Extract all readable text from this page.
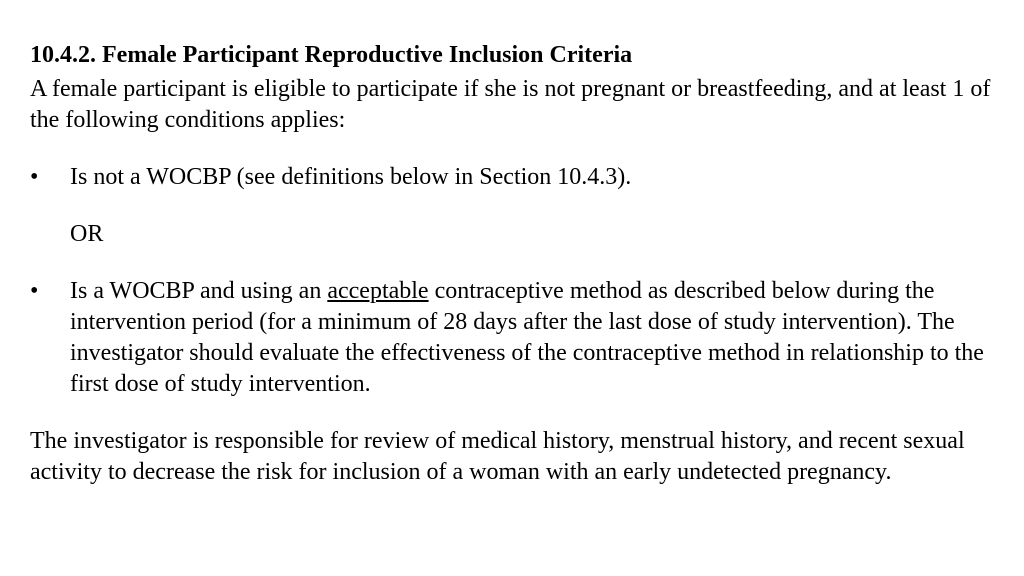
10.4.2. Female Participant Reproductive Inclusion Criteria

A female participant is eligible to participate if she is not pregnant or breastfeeding, and at least 1 of the following conditions applies:

•	Is not a WOCBP (see definitions below in Section 10.4.3).
OR
•	Is a WOCBP and using an acceptable contraceptive method as described below during the intervention period (for a minimum of 28 days after the last dose of study intervention). The investigator should evaluate the effectiveness of the contraceptive method in relationship to the first dose of study intervention.

The investigator is responsible for review of medical history, menstrual history, and recent sexual activity to decrease the risk for inclusion of a woman with an early undetected pregnancy.
